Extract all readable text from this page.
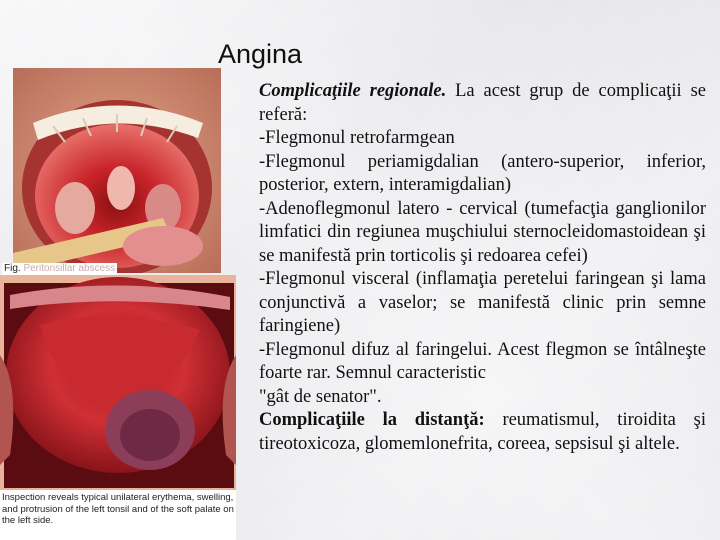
Fig. Peritonsillar abscess
Inspection reveals typical unilateral erythema, swelling, and protrusion of the left tonsil and of the soft palate on the left side.
Angina

Complicaţiile regionale. La acest grup de complicaţii se referă:

-Flegmonul retrofarmgean

-Flegmonul periamigdalian (antero-superior, inferior, posterior, extern, interamigdalian)

-Adenoflegmonul latero - cervical (tumefacţia ganglionilor limfatici din regiunea muşchiului sternocleidomastoidean şi se manifestă prin torticolis şi redoarea cefei)

-Flegmonul visceral (inflamaţia peretelui faringean şi lama conjunctivă a vaselor; se manifestă clinic prin semne faringiene)

-Flegmonul difuz al faringelui. Acest flegmon se întâlneşte foarte rar. Semnul caracteristic

"gât de senator".

Complicaţiile la distanţă: reumatismul, tiroidita şi tireotoxicoza, glomemlonefrita, coreea, sepsisul şi altele.
